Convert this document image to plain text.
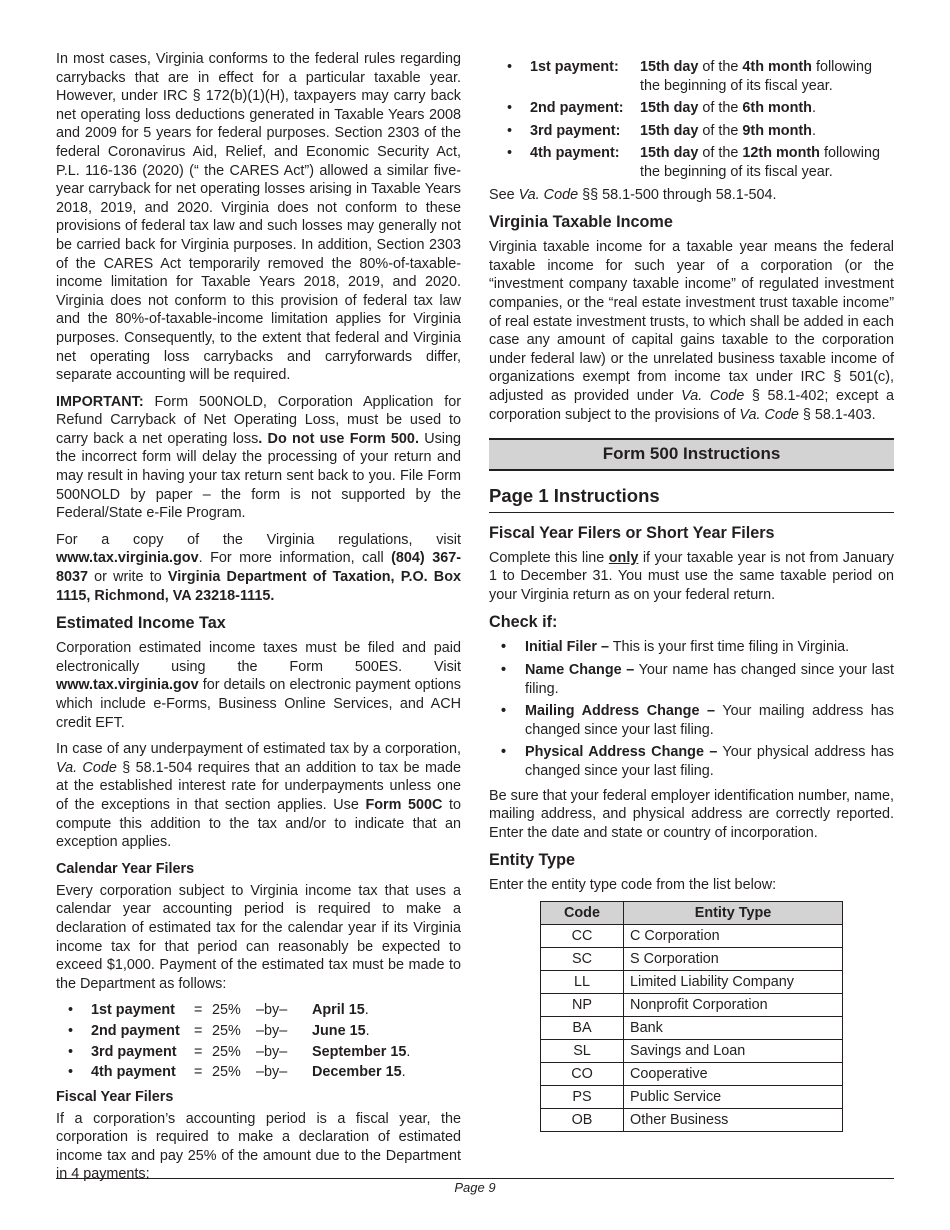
In most cases, Virginia conforms to the federal rules regarding carrybacks that are in effect for a particular taxable year. However, under IRC § 172(b)(1)(H), taxpayers may carry back net operating loss deductions generated in Taxable Years 2008 and 2009 for 5 years for federal purposes. Section 2303 of the federal Coronavirus Aid, Relief, and Economic Security Act, P.L. 116-136 (2020) (“ the CARES Act”) allowed a similar five-year carryback for net operating losses arising in Taxable Years 2018, 2019, and 2020. Virginia does not conform to these provisions of federal tax law and such losses may generally not be carried back for Virginia purposes. In addition, Section 2303 of the CARES Act temporarily removed the 80%-of-taxable-income limitation for Taxable Years 2018, 2019, and 2020. Virginia does not conform to this provision of federal tax law and the 80%-of-taxable-income limitation applies for Virginia purposes. Consequently, to the extent that federal and Virginia net operating loss carrybacks and carryforwards differ, separate accounting will be required.

IMPORTANT: Form 500NOLD, Corporation Application for Refund Carryback of Net Operating Loss, must be used to carry back a net operating loss. Do not use Form 500. Using the incorrect form will delay the processing of your return and may result in having your tax return sent back to you. File Form 500NOLD by paper – the form is not supported by the Federal/State e-File Program.

For a copy of the Virginia regulations, visit www.tax.virginia.gov. For more information, call (804) 367-8037 or write to Virginia Department of Taxation, P.O. Box 1115, Richmond, VA 23218-1115.

Estimated Income Tax

Corporation estimated income taxes must be filed and paid electronically using the Form 500ES. Visit www.tax.virginia.gov for details on electronic payment options which include e-Forms, Business Online Services, and ACH credit EFT.

In case of any underpayment of estimated tax by a corporation, Va. Code § 58.1-504 requires that an addition to tax be made at the established interest rate for underpayments unless one of the exceptions in that section applies. Use Form 500C to compute this addition to the tax and/or to indicate that an exception applies.

Calendar Year Filers

Every corporation subject to Virginia income tax that uses a calendar year accounting period is required to make a declaration of estimated tax for the calendar year if its Virginia income tax for that period can reasonably be expected to exceed $1,000. Payment of the estimated tax must be made to the Department as follows:

•	1st payment	= 25%	–by–	April 15.
•	2nd payment = 25%	–by–	June 15.
•	3rd payment	= 25%	–by–	September 15.
•	4th payment	= 25%	–by–	December 15.
Fiscal Year Filers

If a corporation’s accounting period is a fiscal year, the corporation is required to make a declaration of estimated income tax and pay 25% of the amount due to the Department in 4 payments:

•	1st payment:	15th day of the 4th month following the beginning of its fiscal year.
•	2nd payment:	15th day of the 6th month.
•	3rd payment:	15th day of the 9th month.
•	4th payment:	15th day of the 12th month following the beginning of its fiscal year.

See Va. Code §§ 58.1-500 through 58.1-504.

Virginia Taxable Income

Virginia taxable income for a taxable year means the federal taxable income for such year of a corporation (or the “investment company taxable income” of regulated investment companies, or the “real estate investment trust taxable income” of real estate investment trusts, to which shall be added in each case any amount of capital gains taxable to the corporation under federal law) or the unrelated business taxable income of organizations exempt from income tax under IRC § 501(c), adjusted as provided under Va. Code § 58.1-402; except a corporation subject to the provisions of Va. Code § 58.1-403.

Form 500 Instructions
Page 1 Instructions
Fiscal Year Filers or Short Year Filers

Complete this line only if your taxable year is not from January 1 to December 31. You must use the same taxable period on your Virginia return as on your federal return.

Check if:
• Initial Filer – This is your first time filing in Virginia.
• Name Change – Your name has changed since your last filing.
• Mailing Address Change – Your mailing address has changed since your last filing.
• Physical Address Change – Your physical address has changed since your last filing.

Be sure that your federal employer identification number, name, mailing address, and physical address are correctly reported. Enter the date and state or country of incorporation.

Entity Type

Enter the entity type code from the list below:

Code	Entity Type
CC	C Corporation
SC	S Corporation
LL	Limited Liability Company
NP	Nonprofit Corporation
BA	Bank
SL	Savings and Loan
CO	Cooperative
PS	Public Service
OB	Other Business
Page 9
